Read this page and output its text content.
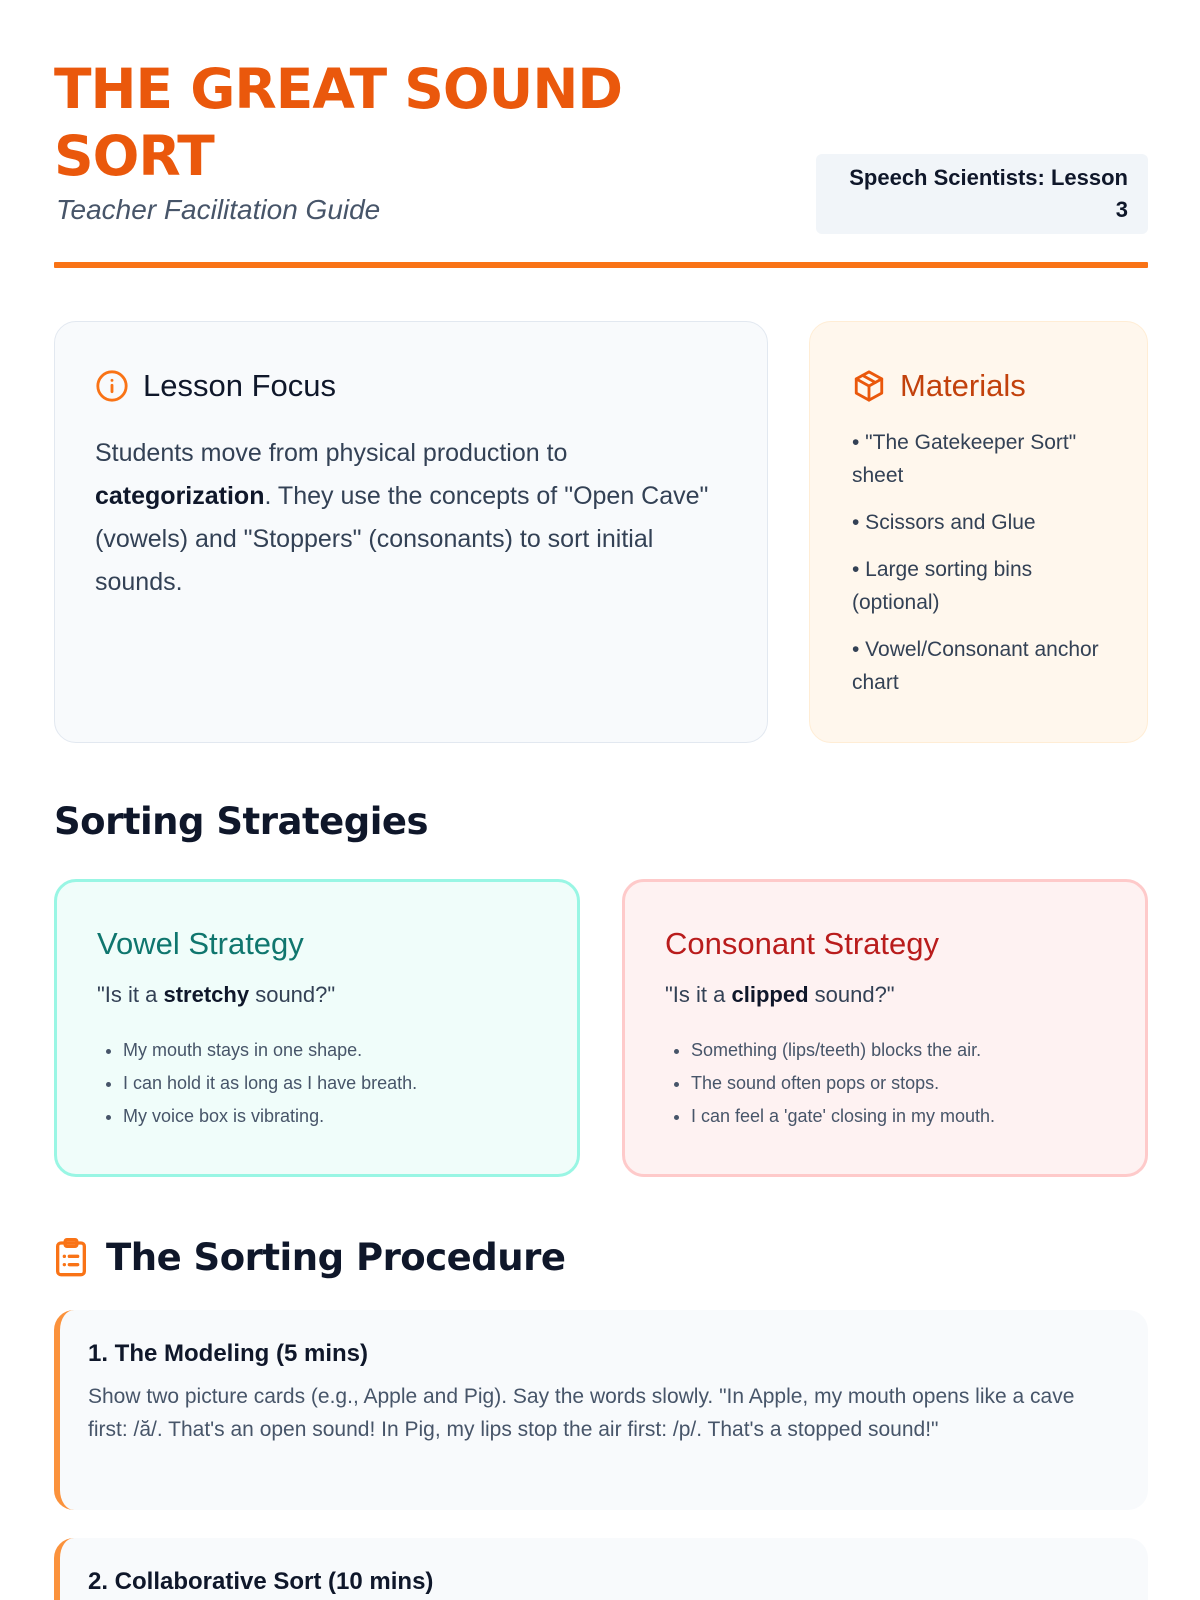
THE GREAT SOUND SORT
Teacher Facilitation Guide
Speech Scientists: Lesson 3
Lesson Focus

Students move from physical production to categorization. They use the concepts of "Open Cave" (vowels) and "Stoppers" (consonants) to sort initial sounds.

Materials
• "The Gatekeeper Sort" sheet
• Scissors and Glue
• Large sorting bins (optional)
• Vowel/Consonant anchor chart
Sorting Strategies
Vowel Strategy

"Is it a stretchy sound?"

• My mouth stays in one shape.
• I can hold it as long as I have breath.
• My voice box is vibrating.
Consonant Strategy

"Is it a clipped sound?"

• Something (lips/teeth) blocks the air.
• The sound often pops or stops.
• I can feel a 'gate' closing in my mouth.
The Sorting Procedure
1. The Modeling (5 mins)

Show two picture cards (e.g., Apple and Pig). Say the words slowly. "In Apple, my mouth opens like a cave first: /ă/. That's an open sound! In Pig, my lips stop the air first: /p/. That's a stopped sound!"

2. Collaborative Sort (10 mins)
